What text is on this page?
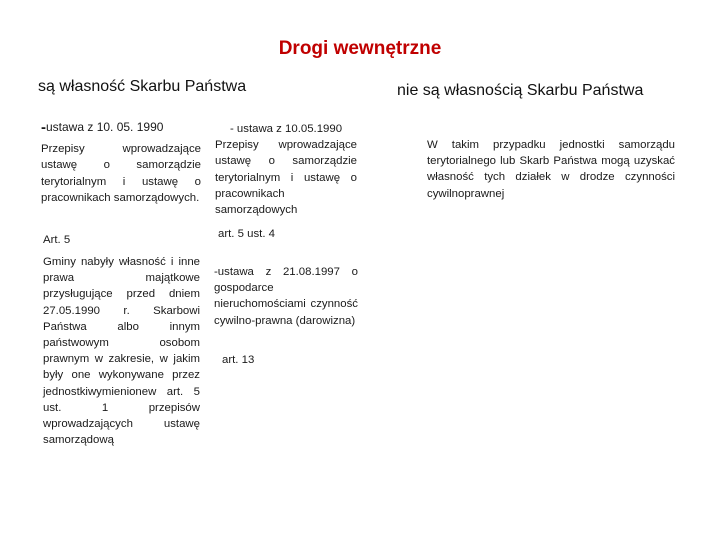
Drogi wewnętrzne
są własność Skarbu Państwa	nie są własnością Skarbu Państwa
-ustawa z 10. 05. 1990
Przepisy wprowadzające ustawę o samorządzie terytorialnym i ustawę o pracownikach samorządowych.
Art. 5
Gminy nabyły własność i inne prawa majątkowe przysługujące przed dniem 27.05.1990 r. Skarbowi Państwa albo innym państwowym osobom prawnym w zakresie, w jakim były one wykonywane przez jednostkiwymienionew art. 5 ust. 1 przepisów wprowadzających ustawę samorządową
- ustawa z 10.05.1990
Przepisy wprowadzające ustawę o samorządzie terytorialnym i ustawę o pracownikach samorządowych
art. 5 ust. 4
-ustawa z 21.08.1997 o gospodarce nieruchomościami czynność cywilno-prawna (darowizna)
art. 13
W takim przypadku jednostki samorządu terytorialnego lub Skarb Państwa mogą uzyskać własność tych działek w drodze czynności cywilnoprawnej
